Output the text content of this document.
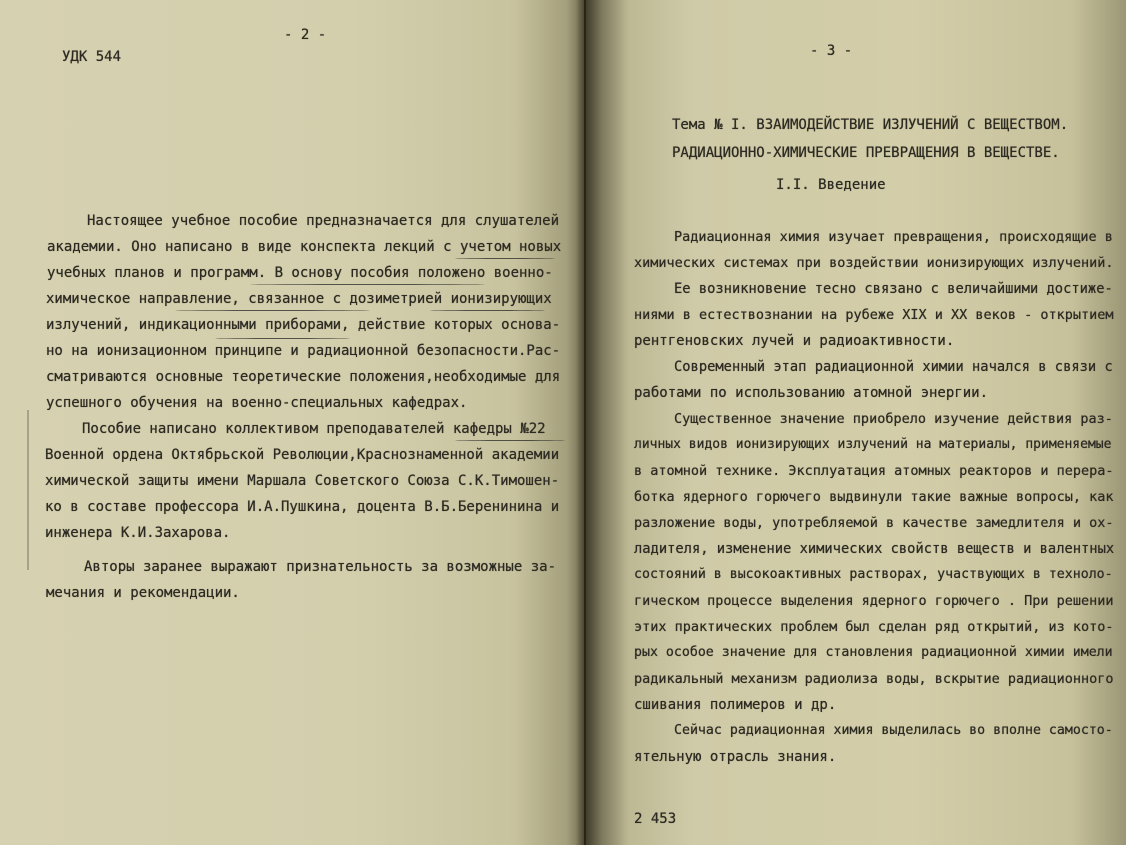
- 2 -
УДК 544
Настоящее учебное пособие предназначается для слушателей
академии. Оно написано в виде конспекта лекций с учетом новых
учебных планов и программ. В основу пособия положено военно-
химическое направление, связанное с дозиметрией ионизирующих
излучений, индикационными приборами, действие которых основа-
но на ионизационном принципе и радиационной безопасности.Рас-
сматриваются основные теоретические положения,необходимые для
успешного обучения на военно-специальных кафедрах.
Пособие написано коллективом преподавателей кафедры №22
Военной ордена Октябрьской Революции,Краснознаменной академии
химической защиты имени Маршала Советского Союза С.К.Тимошен-
ко в составе профессора И.А.Пушкина, доцента В.Б.Беренинина и
инженера К.И.Захарова.
Авторы заранее выражают признательность за возможные за-
мечания и рекомендации.
- 3 -
Тема № I. ВЗАИМОДЕЙСТВИЕ ИЗЛУЧЕНИЙ С ВЕЩЕСТВОМ.
РАДИАЦИОННО-ХИМИЧЕСКИЕ ПРЕВРАЩЕНИЯ В ВЕЩЕСТВЕ.
I.I. Введение
Радиационная химия изучает превращения, происходящие в
химических системах при воздействии ионизирующих излучений.
Ее возникновение тесно связано с величайшими достиже-
ниями в естествознании на рубеже XIX и XX веков - открытием
рентгеновских лучей и радиоактивности.
Современный этап радиационной химии начался в связи с
работами по использованию атомной энергии.
Существенное значение приобрело изучение действия раз-
личных видов ионизирующих излучений на материалы, применяемые
в атомной технике. Эксплуатация атомных реакторов и перера-
ботка ядерного горючего выдвинули такие важные вопросы, как
разложение воды, употребляемой в качестве замедлителя и ох-
ладителя, изменение химических свойств веществ и валентных
состояний в высокоактивных растворах, участвующих в техноло-
гическом процессе выделения ядерного горючего . При решении
этих практических проблем был сделан ряд открытий, из кото-
рых особое значение для становления радиационной химии имели
радикальный механизм радиолиза воды, вскрытие радиационного
сшивания полимеров и др.
Сейчас радиационная химия выделилась во вполне самосто-
ятельную отрасль знания.
2 453
